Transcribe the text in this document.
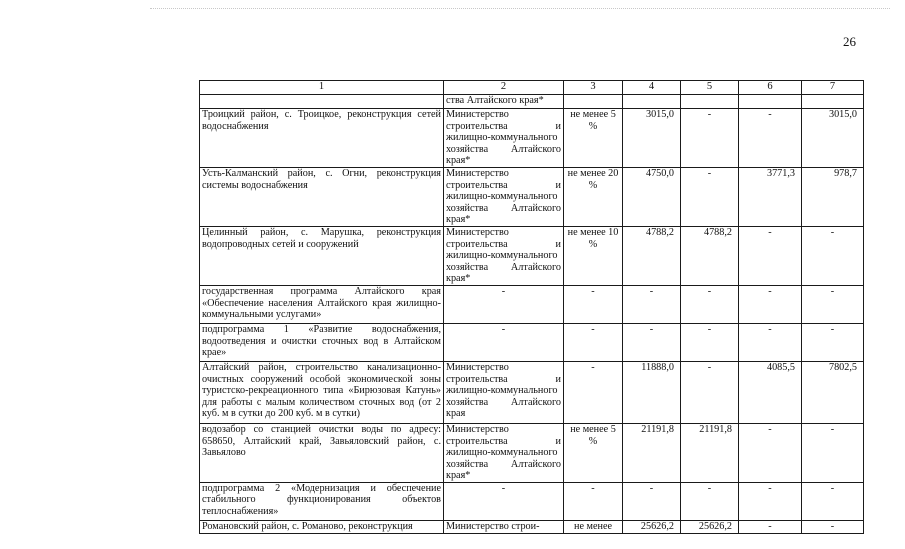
26
1	2	3	4	5	6	7
	ства Алтайского края*					
Троицкий район, с. Троицкое, реконструкция сетей водоснабжения	Министерство строительства и жилищно-коммунального хозяйства Алтайского края*	не менее 5 %	3015,0	-	-	3015,0
Усть-Калманский район, с. Огни, реконструкция системы водоснабжения	Министерство строительства и жилищно-коммунального хозяйства Алтайского края*	не менее 20 %	4750,0	-	3771,3	978,7
Целинный район, с. Марушка, реконструкция водопроводных сетей и сооружений	Министерство строительства и жилищно-коммунального хозяйства Алтайского края*	не менее 10 %	4788,2	4788,2	-	-
государственная программа Алтайского края «Обеспечение населения Алтайского края жилищно-коммунальными услугами»	-	-	-	-	-	-
подпрограмма 1 «Развитие водоснабжения, водоотведения и очистки сточных вод в Алтайском крае»	-	-	-	-	-	-
Алтайский район, строительство канализационно-очистных сооружений особой экономической зоны туристско-рекреационного типа «Бирюзовая Катунь» для работы с малым количеством сточных вод (от 2 куб. м в сутки до 200 куб. м в сутки)	Министерство строительства и жилищно-коммунального хозяйства Алтайского края	-	11888,0	-	4085,5	7802,5
водозабор со станцией очистки воды по адресу: 658650, Алтайский край, Завьяловский район, с. Завьялово	Министерство строительства и жилищно-коммунального хозяйства Алтайского края*	не менее 5 %	21191,8	21191,8	-	-
подпрограмма 2 «Модернизация и обеспечение стабильного функционирования объектов теплоснабжения»	-	-	-	-	-	-
Романовский район, с. Романово, реконструкция	Министерство строи-	не менее	25626,2	25626,2	-	-
